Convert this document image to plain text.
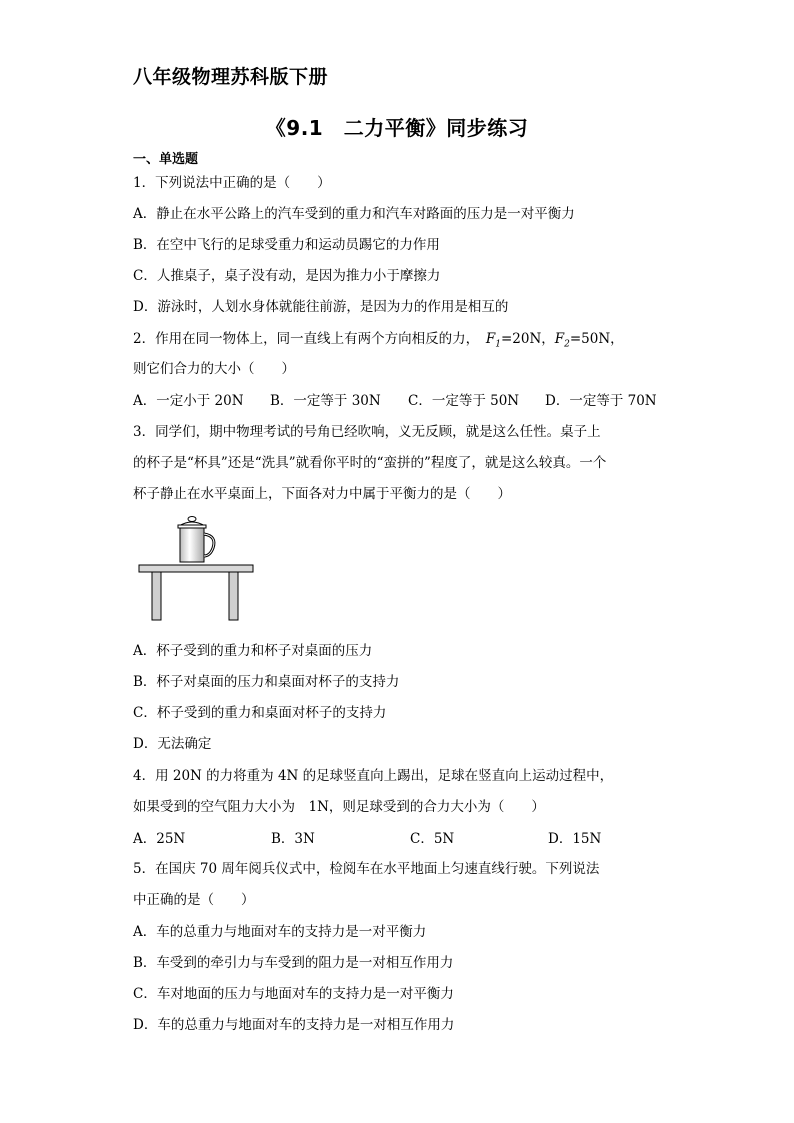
八年级物理苏科版下册
《9.1　二力平衡》同步练习
一、单选题
1．下列说法中正确的是（　　）
A．静止在水平公路上的汽车受到的重力和汽车对路面的压力是一对平衡力
B．在空中飞行的足球受重力和运动员踢它的力作用
C．人推桌子，桌子没有动，是因为推力小于摩擦力
D．游泳时，人划水身体就能往前游，是因为力的作用是相互的
2．作用在同一物体上，同一直线上有两个方向相反的力，  $F_1=20N$，$F_2=50N$，
则它们合力的大小（　　）
A．一定小于 20N B．一定等于 30N C．一定等于 50N D．一定等于 70N
3．同学们，期中物理考试的号角已经吹响，义无反顾，就是这么任性。桌子上
的杯子是“杯具”还是“洗具”就看你平时的“蛮拼的”程度了，就是这么较真。一个
杯子静止在水平桌面上，下面各对力中属于平衡力的是（　　）
A．杯子受到的重力和杯子对桌面的压力
B．杯子对桌面的压力和桌面对杯子的支持力
C．杯子受到的重力和桌面对杯子的支持力
D．无法确定
4．用 20N 的力将重为 4N 的足球竖直向上踢出，足球在竖直向上运动过程中，
如果受到的空气阻力大小为　1N，则足球受到的合力大小为（　　）
A．25N	B．3N	C．5N	D．15N
5．在国庆 70 周年阅兵仪式中，检阅车在水平地面上匀速直线行驶。下列说法
中正确的是（　　）
A．车的总重力与地面对车的支持力是一对平衡力
B．车受到的牵引力与车受到的阻力是一对相互作用力
C．车对地面的压力与地面对车的支持力是一对平衡力
D．车的总重力与地面对车的支持力是一对相互作用力
